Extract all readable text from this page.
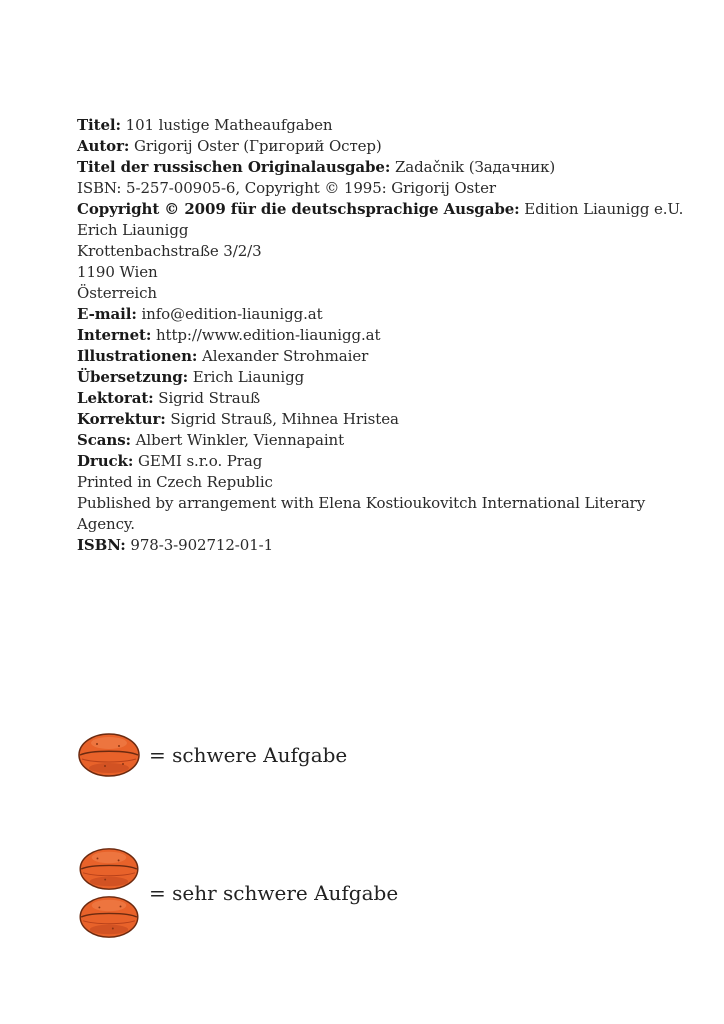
Titel: 101 lustige Matheaufgaben
Autor: Grigorij Oster (Григорий Остер)
Titel der russischen Originalausgabe: Zadačnik (Задачник)
ISBN: 5-257-00905-6, Copyright © 1995: Grigorij Oster
Copyright © 2009 für die deutschsprachige Ausgabe: Edition Liaunigg e.U.
Erich Liaunigg
Krottenbachstraße 3/2/3
1190 Wien
Österreich
E-mail: info@edition-liaunigg.at
Internet: http://www.edition-liaunigg.at
Illustrationen: Alexander Strohmaier
Übersetzung: Erich Liaunigg
Lektorat: Sigrid Strauß
Korrektur: Sigrid Strauß, Mihnea Hristea
Scans: Albert Winkler, Viennapaint
Druck: GEMI s.r.o. Prag
Printed in Czech Republic
Published by arrangement with Elena Kostioukovitch International Literary Agency.
ISBN: 978-3-902712-01-1
= schwere Aufgabe
= sehr schwere Aufgabe
